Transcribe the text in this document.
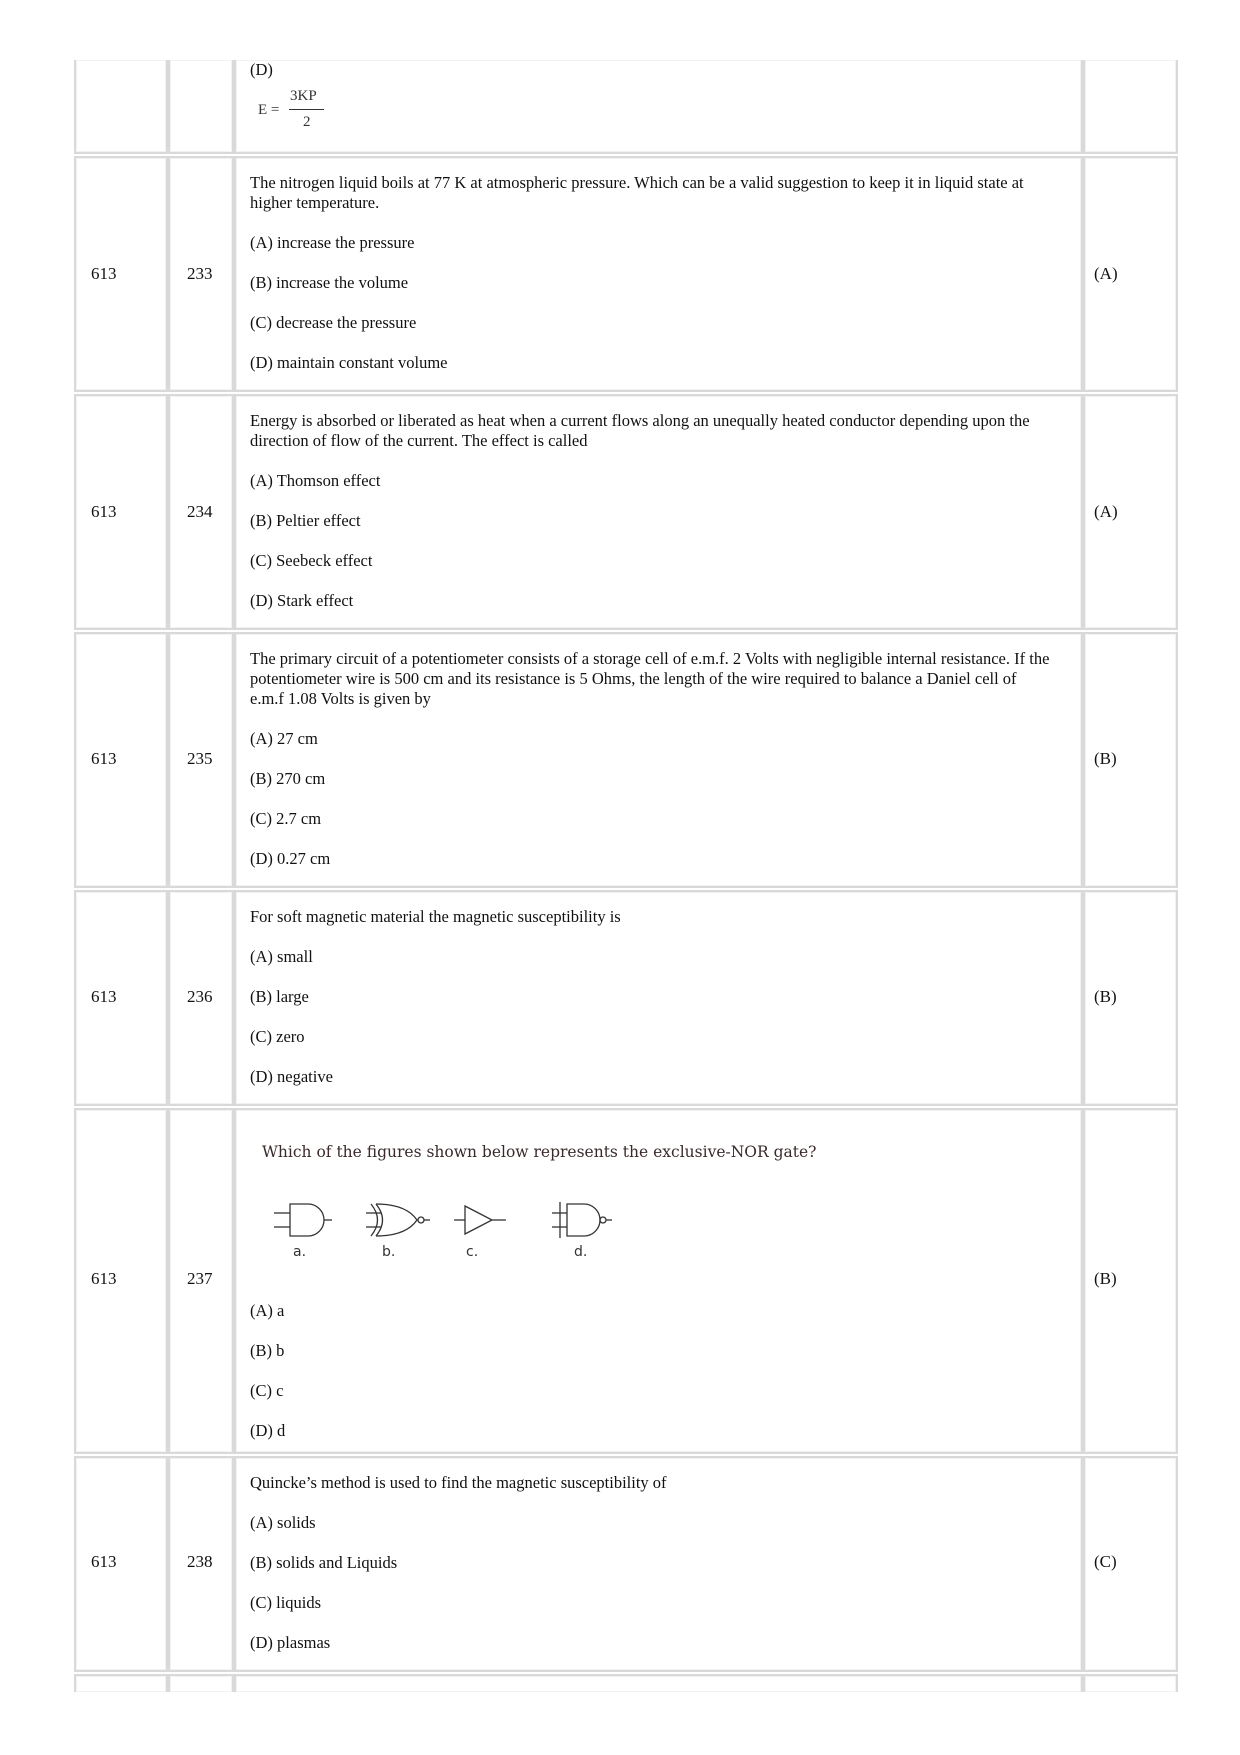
(D)
E =
3KP
2
613	233
The nitrogen liquid boils at 77 K at atmospheric pressure. Which can be a valid suggestion to keep it in liquid state at higher temperature.
(A) increase the pressure
(B) increase the volume
(C) decrease the pressure
(D) maintain constant volume
(A)
613	234
Energy is absorbed or liberated as heat when a current flows along an unequally heated conductor depending upon the direction of flow of the current. The effect is called
(A) Thomson effect
(B) Peltier effect
(C) Seebeck effect
(D) Stark effect
(A)
613	235
The primary circuit of a potentiometer consists of a storage cell of e.m.f. 2 Volts with negligible internal resistance. If the potentiometer wire is 500 cm and its resistance is 5 Ohms, the length of the wire required to balance a Daniel cell of e.m.f 1.08 Volts is given by
(A) 27 cm
(B) 270 cm
(C) 2.7 cm
(D) 0.27 cm
(B)
613	236
For soft magnetic material the magnetic susceptibility is
(A) small
(B) large
(C) zero
(D) negative
(B)
613	237
Which of the figures shown below represents the exclusive-NOR gate?
a.	b.	c.	d.
(A) a
(B) b
(C) c
(D) d
(B)
613	238
Quincke’s method is used to find the magnetic susceptibility of
(A) solids
(B) solids and Liquids
(C) liquids
(D) plasmas
(C)
